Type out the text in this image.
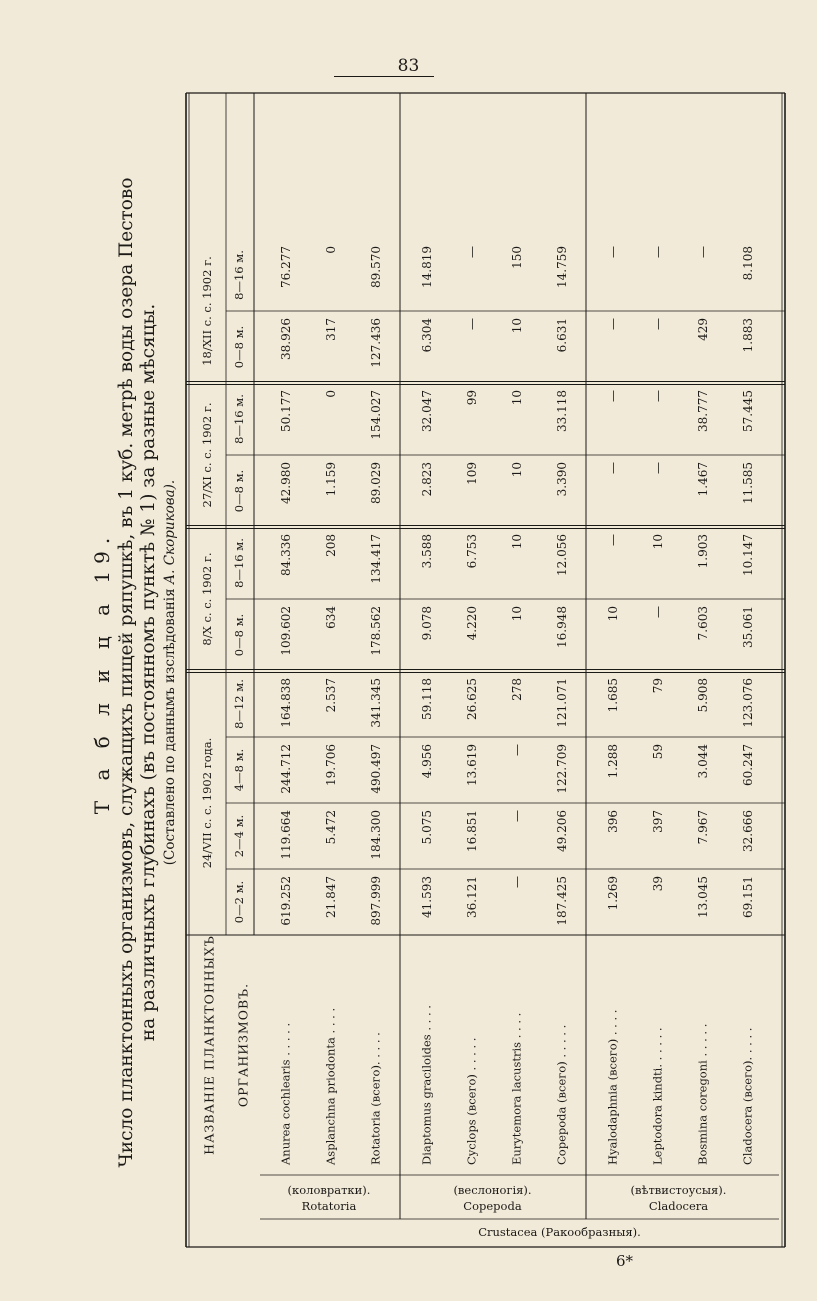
83
Т а б л и ц а 19. Число планктонныхъ организмовъ, служащихъ пищей ряпушкѣ, въ 1 куб. метрѣ воды озера Пестово на различныхъ глубинахъ (въ постоянномъ пунктѣ № 1) за разные мѣсяцы. (Составлено по даннымъ изслѣдованія А. Скорикова).
НАЗВАНІЕ ПЛАНКТОННЫХЪ ОРГАНИЗМОВЪ.
24/VII с. с. 1902 года.
0—2 м.
2—4 м.
4—8 м.
8—12 м.
8/X с. с. 1902 г. 0—8 м.
8—16 м.
27/XI с. с. 1902 г. 0—8 м.
8—16 м.
18/XII с. с. 1902 г. 0—8 м.
8—16 м.
Crustacea (Ракообразныя).
Rotatoria
(коловратки).
Anurea cochlearis . . . . .
619.252
119.664
244.712
164.838
109.602
84.336
42.980
50.177
38.926
76.277
Asplanchna priodonta . . . .
21.847
5.472
19.706
2.537
634
208
1.159
0
317
0
Rotatoria (всего). . . . .
897.999
184.300
490.497
341.345
178.562
134.417
89.029
154.027
127.436
89.570
Copepoda
(веслоногія).
Diaptomus graciloides . . . .
41.593
5.075
4.956
59.118
9.078
3.588
2.823
32.047
6.304
14.819
Cyclops (всего) . . . . .
36.121
16.851
13.619
26.625
4.220
6.753
109
99
—
—
Eurytemora lacustris . . . .
—
—
—
278
10
10
10
10
10
150
Copepoda (всего) . . . . .
187.425
49.206
122.709
121.071
16.948
12.056
3.390
33.118
6.631
14.759
Cladocera
(вѣтвистоусыя).
Hyalodaphnia (всего) . . . .
1.269
396
1.288
1.685
10
—
—
—
—
—
Leptodora kindti. . . . . .
39
397
59
79
—
10
—
—
—
—
Bosmina coregoni . . . . .
13.045
7.967
3.044
5.908
7.603
1.903
1.467
38.777
429
—
Cladocera (всего). . . . .
69.151
32.666
60.247
123.076
35.061
10.147
11.585
57.445
1.883
8.108
6*
